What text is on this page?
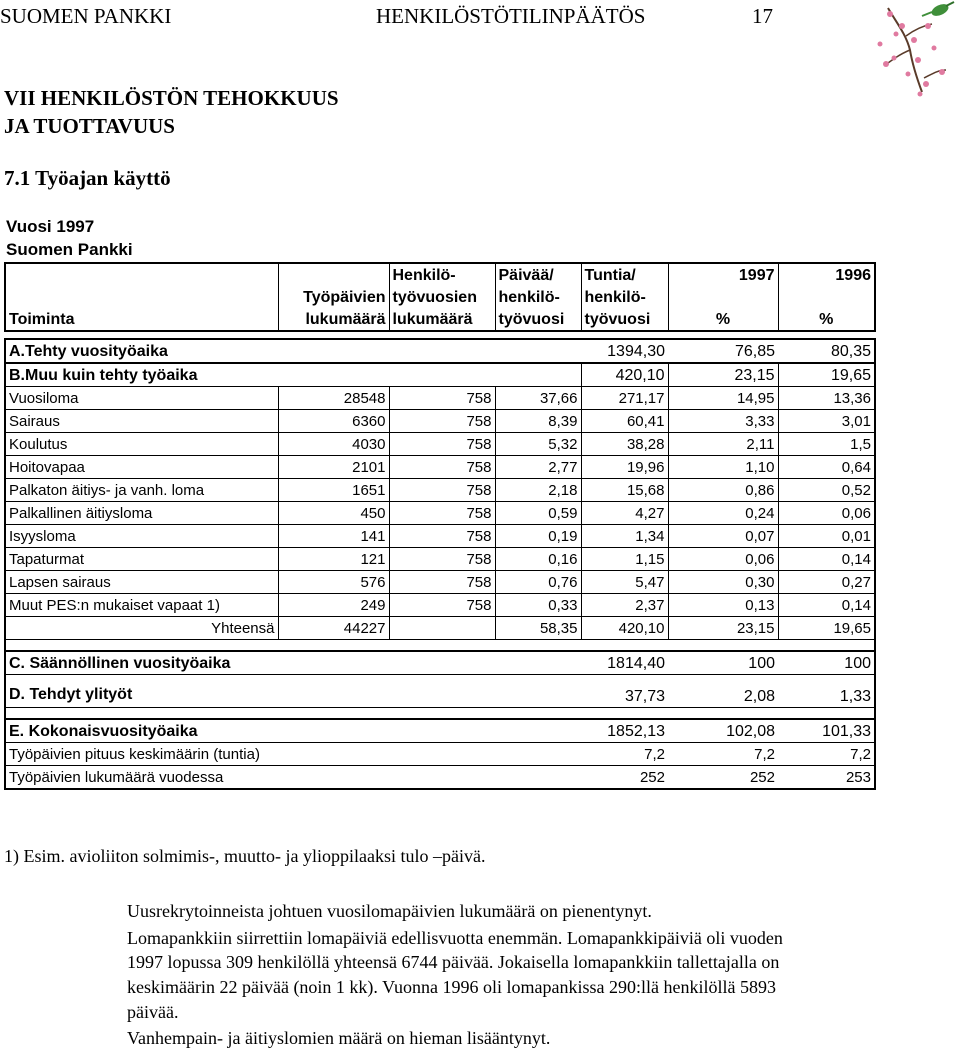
SUOMEN PANKKI	HENKILÖSTÖTILINPÄÄTÖS	17
VII HENKILÖSTÖN TEHOKKUUS
JA TUOTTAVUUS
7.1 Työajan käyttö
Vuosi 1997
Suomen Pankki
		Henkilö-	Päivää/	Tuntia/	1997	1996
	Työpäivien	työvuosien	henkilö-	henkilö-		
Toiminta	lukumäärä	lukumäärä	työvuosi	työvuosi	%	%

A.Tehty vuosityöaika				1394,30	76,85	80,35
B.Muu kuin tehty työaika				420,10	23,15	19,65
Vuosiloma	28548	758	37,66	271,17	14,95	13,36
Sairaus	6360	758	8,39	60,41	3,33	3,01
Koulutus	4030	758	5,32	38,28	2,11	1,5
Hoitovapaa	2101	758	2,77	19,96	1,10	0,64
Palkaton äitiys- ja vanh. loma	1651	758	2,18	15,68	0,86	0,52
Palkallinen äitiysloma	450	758	0,59	4,27	0,24	0,06
Isyysloma	141	758	0,19	1,34	0,07	0,01
Tapaturmat	121	758	0,16	1,15	0,06	0,14
Lapsen sairaus	576	758	0,76	5,47	0,30	0,27
Muut PES:n mukaiset vapaat 1)	249	758	0,33	2,37	0,13	0,14
Yhteensä	44227		58,35	420,10	23,15	19,65

C. Säännöllinen vuosityöaika				1814,40	100	100

D. Tehdyt ylityöt				37,73	2,08	1,33

E. Kokonaisvuosityöaika				1852,13	102,08	101,33
Työpäivien pituus keskimäärin (tuntia)				7,2	7,2	7,2
Työpäivien lukumäärä vuodessa				252	252	253
1) Esim. avioliiton solmimis-, muutto- ja ylioppilaaksi tulo –päivä.
Uusrekrytoinneista johtuen vuosilomapäivien lukumäärä on pienentynyt.
Lomapankkiin siirrettiin lomapäiviä edellisvuotta enemmän. Lomapankkipäiviä oli vuoden
1997 lopussa 309 henkilöllä yhteensä 6744 päivää. Jokaisella lomapankkiin tallettajalla on
keskimäärin 22 päivää (noin 1 kk). Vuonna 1996 oli lomapankissa 290:llä henkilöllä 5893
päivää.
Vanhempain- ja äitiyslomien määrä on hieman lisääntynyt.
